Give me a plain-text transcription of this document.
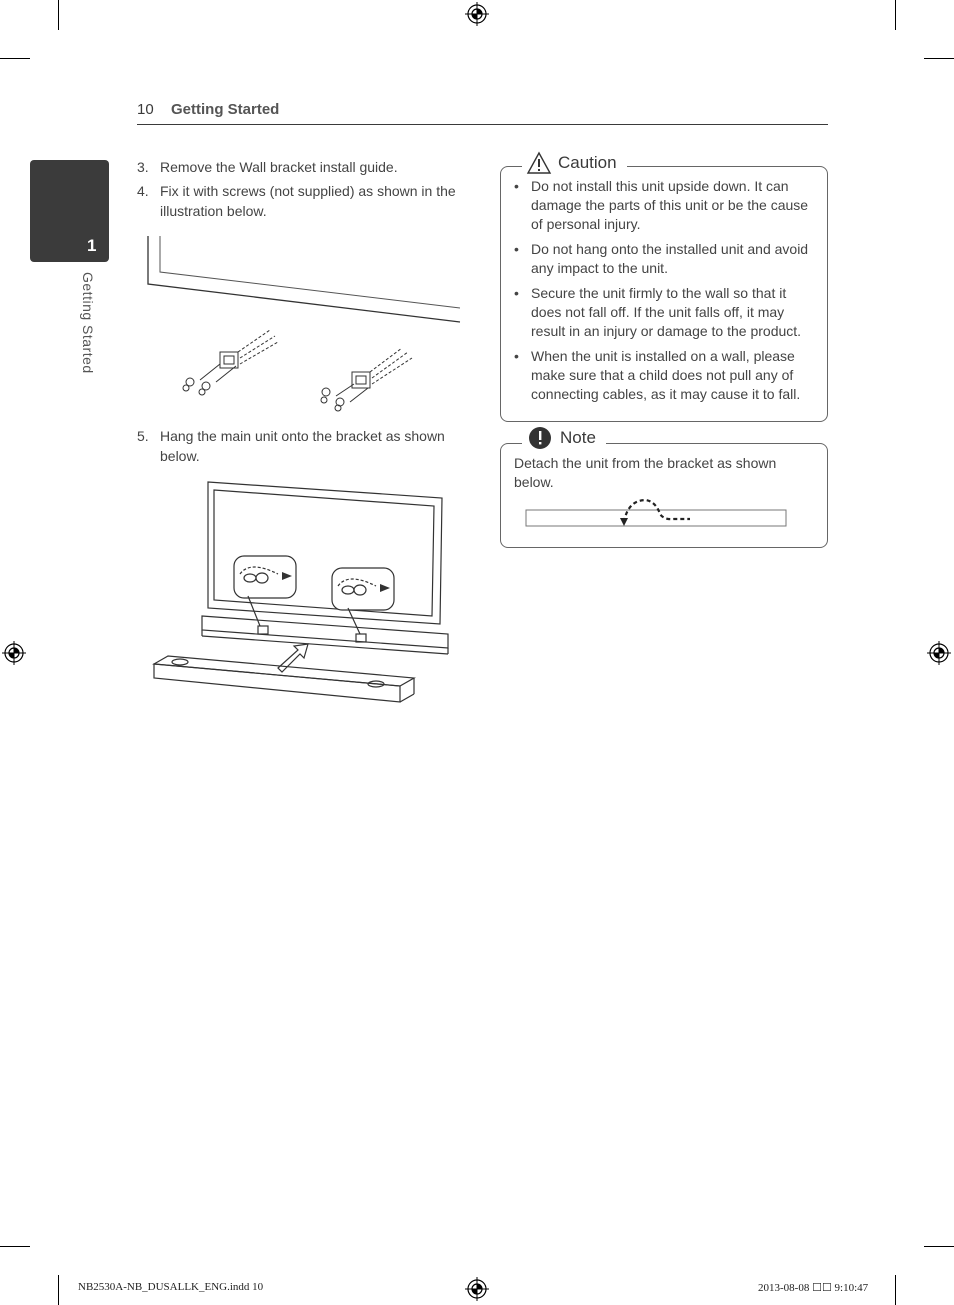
10 Getting Started
1
Getting Started
3. Remove the Wall bracket install guide.
4. Fix it with screws (not supplied) as shown in the illustration below.
5. Hang the main unit onto the bracket as shown below.
Caution
• Do not install this unit upside down. It can damage the parts of this unit or be the cause of personal injury.
• Do not hang onto the installed unit and avoid any impact to the unit.
• Secure the unit firmly to the wall so that it does not fall off. If the unit falls off, it may result in an injury or damage to the product.
• When the unit is installed on a wall, please make sure that a child does not pull any of connecting cables, as it may cause it to fall.
Note
Detach the unit from the bracket as shown below.
NB2530A-NB_DUSALLK_ENG.indd 10	2013-08-08 ☐☐ 9:10:47
